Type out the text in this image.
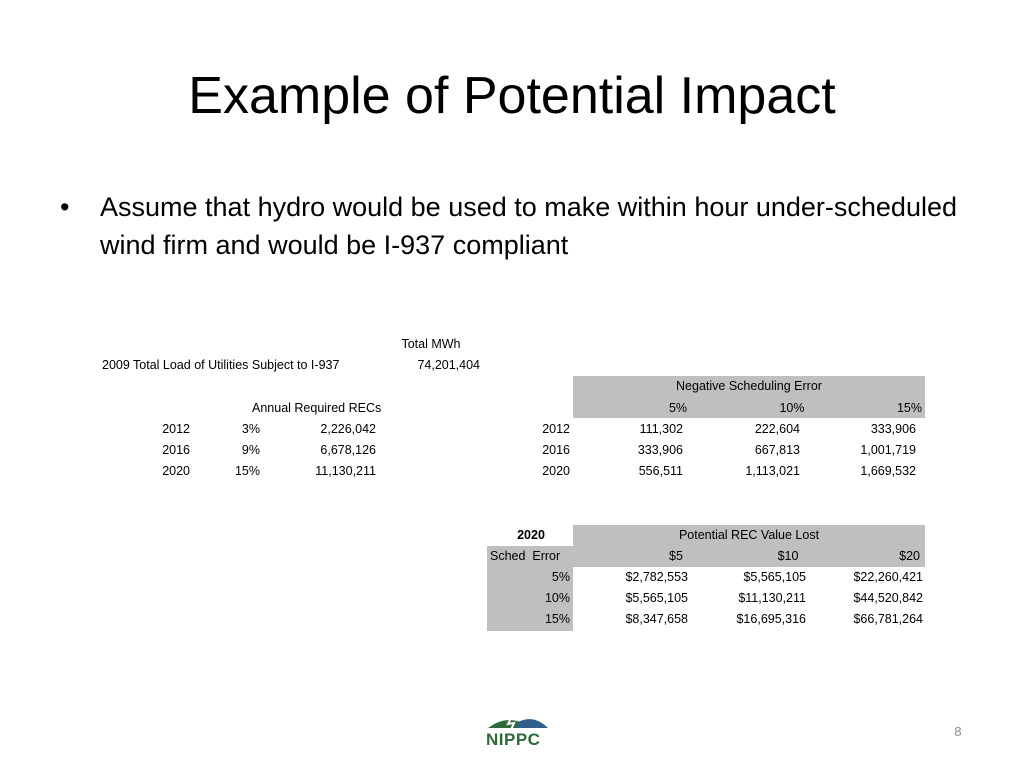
Example of Potential Impact
• Assume that hydro would be used to make within hour under-scheduled wind firm and would be I-937 compliant
Total MWh
2009 Total Load of Utilities Subject to I-937	74,201,404
Annual Required RECs
2012	3%	2,226,042
2016	9%	6,678,126
2020	15%	11,130,211
Negative Scheduling Error
5%	10%	15%
2012	111,302	222,604	333,906
2016	333,906	667,813	1,001,719
2020	556,511	1,113,021	1,669,532
2020	Potential REC Value Lost
Sched  Error	$5	$10	$20
5%	$2,782,553	$5,565,105	$22,260,421
10%	$5,565,105	$11,130,211	$44,520,842
15%	$8,347,658	$16,695,316	$66,781,264
NIPPC	8
